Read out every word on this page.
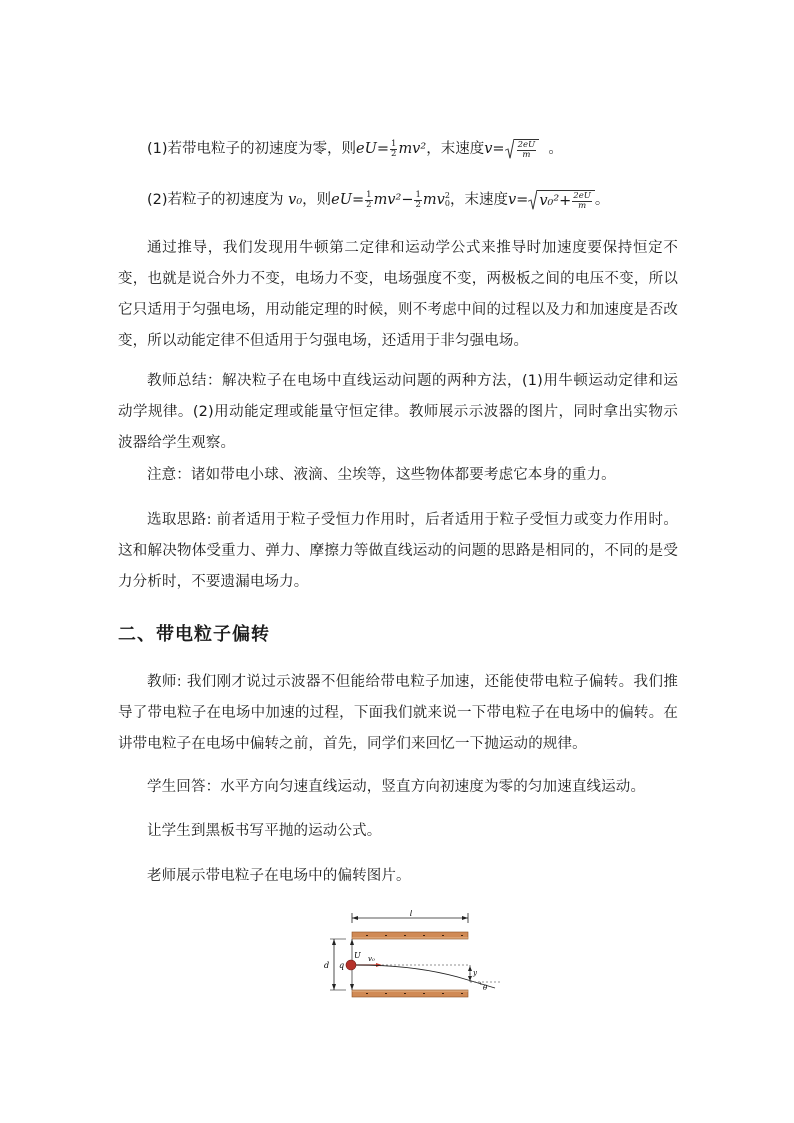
(1)若带电粒子的初速度为零，则$eU= \frac{1}{2} mv^2$，末速度$v= \frac{2eU}{m}$ 。
(2)若粒子的初速度为 v₀，则$eU= \frac{1}{2} mv^2- \frac{1}{2}$ mv 2
0 ，末速度$v= v_0^2+ \frac{2eU}{m}$ 。
通过推导，我们发现用牛顿第二定律和运动学公式来推导时加速度要保持恒定不变，也就是说合外力不变，电场力不变，电场强度不变，两极板之间的电压不变，所以它只适用于匀强电场，用动能定理的时候，则不考虑中间的过程以及力和加速度是否改变，所以动能定律不但适用于匀强电场，还适用于非匀强电场。
教师总结：解决粒子在电场中直线运动问题的两种方法，(1)用牛顿运动定律和运动学规律。(2)用动能定理或能量守恒定律。教师展示示波器的图片，同时拿出实物示波器给学生观察。
注意：诸如带电小球、液滴、尘埃等，这些物体都要考虑它本身的重力。
选取思路: 前者适用于粒子受恒力作用时，后者适用于粒子受恒力或变力作用时。这和解决物体受重力、弹力、摩擦力等做直线运动的问题的思路是相同的，不同的是受力分析时，不要遗漏电场力。
二、带电粒子偏转
教师: 我们刚才说过示波器不但能给带电粒子加速，还能使带电粒子偏转。我们推导了带电粒子在电场中加速的过程，下面我们就来说一下带电粒子在电场中的偏转。在讲带电粒子在电场中偏转之前，首先，同学们来回忆一下抛运动的规律。
学生回答：水平方向匀速直线运动，竖直方向初速度为零的匀加速直线运动。
让学生到黑板书写平抛的运动公式。
老师展示带电粒子在电场中的偏转图片。
l
d
U
q
v₀
y
θ
